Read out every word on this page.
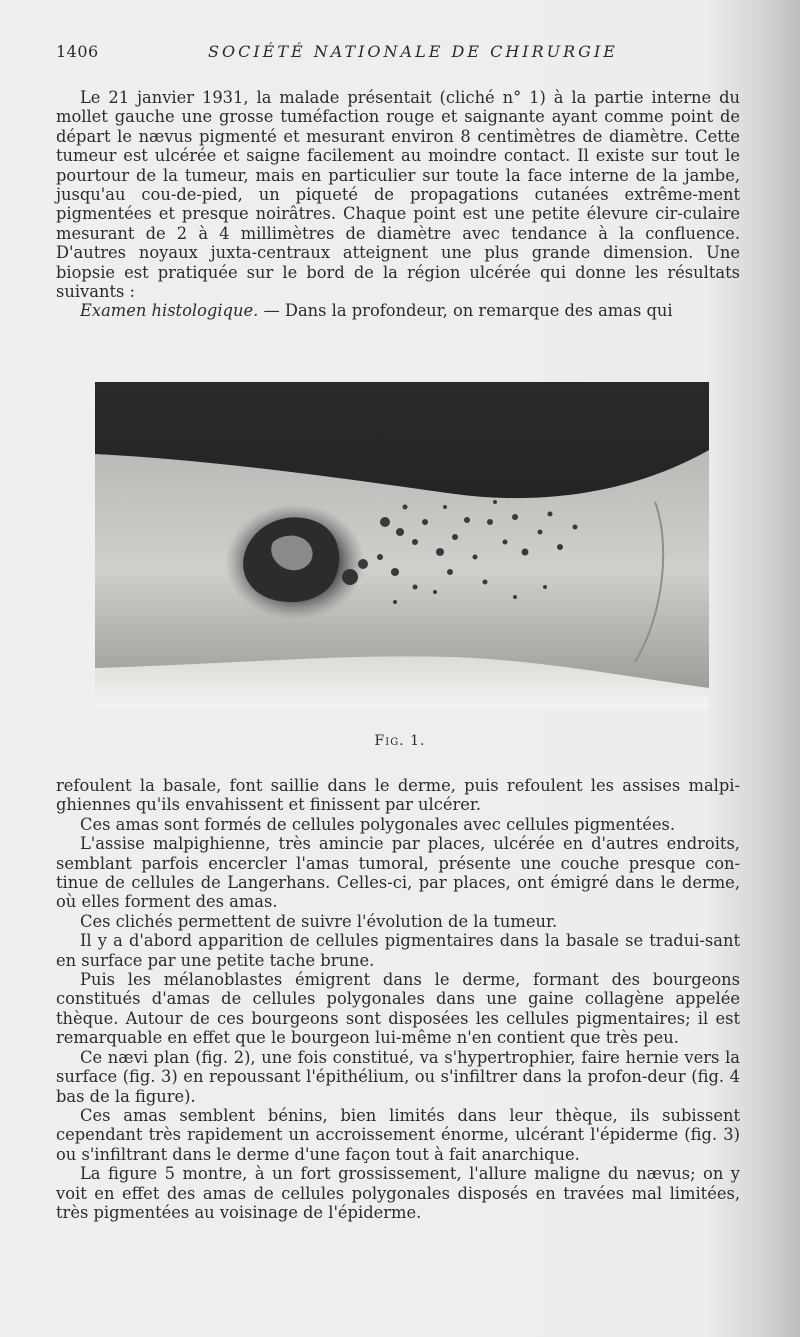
1406	SOCIÉTÉ NATIONALE DE CHIRURGIE

Le 21 janvier 1931, la malade présentait (cliché n° 1) à la partie interne du mollet gauche une grosse tuméfaction rouge et saignante ayant comme point de départ le nævus pigmenté et mesurant environ 8 centimètres de diamètre. Cette tumeur est ulcérée et saigne facilement au moindre contact. Il existe sur tout le pourtour de la tumeur, mais en particulier sur toute la face interne de la jambe, jusqu'au cou-de-pied, un piqueté de propagations cutanées extrême-ment pigmentées et presque noirâtres. Chaque point est une petite élevure cir-culaire mesurant de 2 à 4 millimètres de diamètre avec tendance à la confluence. D'autres noyaux juxta-centraux atteignent une plus grande dimension. Une biopsie est pratiquée sur le bord de la région ulcérée qui donne les résultats suivants :

Examen histologique. — Dans la profondeur, on remarque des amas qui

Fig. 1.

refoulent la basale, font saillie dans le derme, puis refoulent les assises malpi-ghiennes qu'ils envahissent et finissent par ulcérer.

Ces amas sont formés de cellules polygonales avec cellules pigmentées.

L'assise malpighienne, très amincie par places, ulcérée en d'autres endroits, semblant parfois encercler l'amas tumoral, présente une couche presque con-tinue de cellules de Langerhans. Celles-ci, par places, ont émigré dans le derme, où elles forment des amas.

Ces clichés permettent de suivre l'évolution de la tumeur.

Il y a d'abord apparition de cellules pigmentaires dans la basale se tradui-sant en surface par une petite tache brune.

Puis les mélanoblastes émigrent dans le derme, formant des bourgeons constitués d'amas de cellules polygonales dans une gaine collagène appelée thèque. Autour de ces bourgeons sont disposées les cellules pigmentaires; il est remarquable en effet que le bourgeon lui-même n'en contient que très peu.

Ce nævi plan (fig. 2), une fois constitué, va s'hypertrophier, faire hernie vers la surface (fig. 3) en repoussant l'épithélium, ou s'infiltrer dans la profon-deur (fig. 4 bas de la figure).

Ces amas semblent bénins, bien limités dans leur thèque, ils subissent cependant très rapidement un accroissement énorme, ulcérant l'épiderme (fig. 3) ou s'infiltrant dans le derme d'une façon tout à fait anarchique.

La figure 5 montre, à un fort grossissement, l'allure maligne du nævus; on y voit en effet des amas de cellules polygonales disposés en travées mal limitées, très pigmentées au voisinage de l'épiderme.
